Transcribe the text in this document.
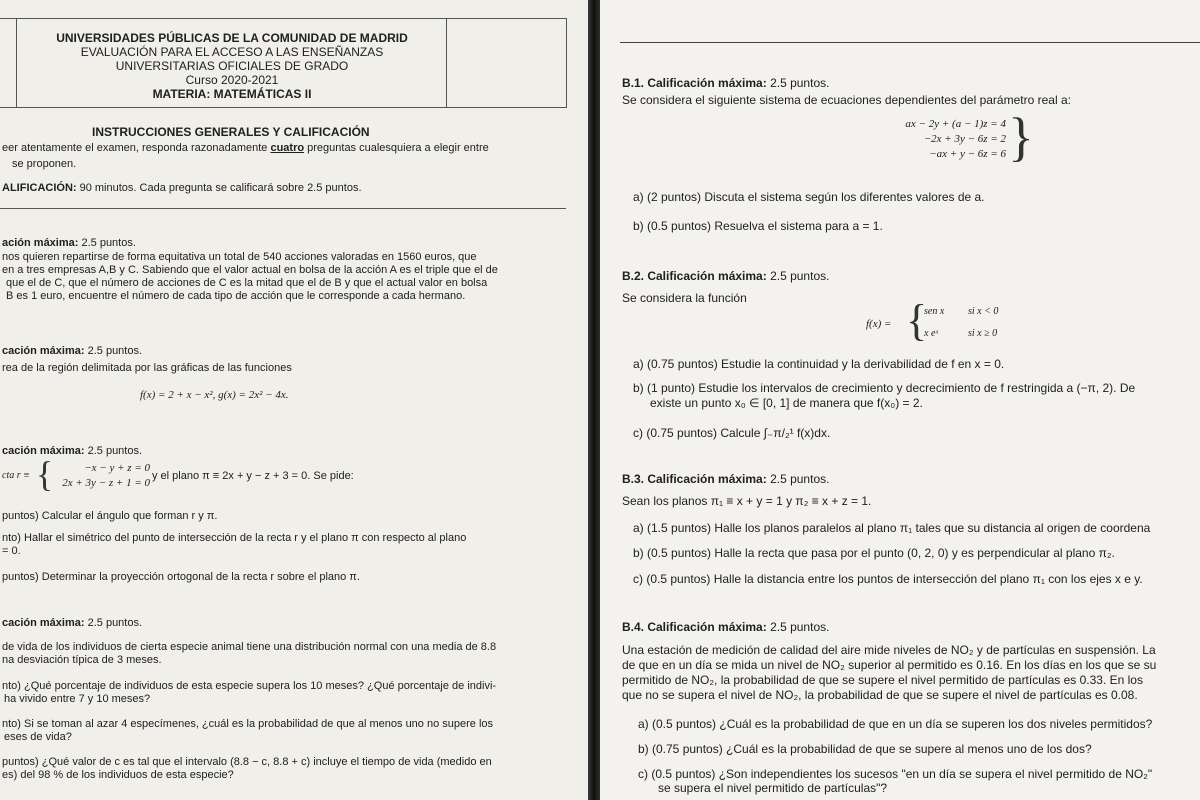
UNIVERSIDADES PÚBLICAS DE LA COMUNIDAD DE MADRID
EVALUACIÓN PARA EL ACCESO A LAS ENSEÑANZAS
UNIVERSITARIAS OFICIALES DE GRADO
Curso 2020-2021
MATERIA: MATEMÁTICAS II
INSTRUCCIONES GENERALES Y CALIFICACIÓN
eer atentamente el examen, responda razonadamente cuatro preguntas cualesquiera a elegir entre
se proponen.
ALIFICACIÓN: 90 minutos. Cada pregunta se calificará sobre 2.5 puntos.
ación máxima: 2.5 puntos.
nos quieren repartirse de forma equitativa un total de 540 acciones valoradas en 1560 euros, que
en a tres empresas A,B y C. Sabiendo que el valor actual en bolsa de la acción A es el triple que el de
que el de C, que el número de acciones de C es la mitad que el de B y que el actual valor en bolsa
B es 1 euro, encuentre el número de cada tipo de acción que le corresponde a cada hermano.
cación máxima: 2.5 puntos.
rea de la región delimitada por las gráficas de las funciones
f(x) = 2 + x − x², g(x) = 2x² − 4x.
cación máxima: 2.5 puntos.
cta r ≡ {	−x − y + z = 0
2x + 3y − z + 1 = 0
y el plano π ≡ 2x + y − z + 3 = 0. Se pide:
puntos) Calcular el ángulo que forman r y π.
nto) Hallar el simétrico del punto de intersección de la recta r y el plano π con respecto al plano
= 0.
puntos) Determinar la proyección ortogonal de la recta r sobre el plano π.
cación máxima: 2.5 puntos.
de vida de los individuos de cierta especie animal tiene una distribución normal con una media de 8.8
na desviación típica de 3 meses.
nto) ¿Qué porcentaje de individuos de esta especie supera los 10 meses? ¿Qué porcentaje de indivi-
ha vivido entre 7 y 10 meses?
nto) Si se toman al azar 4 especímenes, ¿cuál es la probabilidad de que al menos uno no supere los
eses de vida?
puntos) ¿Qué valor de c es tal que el intervalo (8.8 − c, 8.8 + c) incluye el tiempo de vida (medido en
es) del 98 % de los individuos de esta especie?
B.1. Calificación máxima: 2.5 puntos.
Se considera el siguiente sistema de ecuaciones dependientes del parámetro real a:
ax − 2y + (a − 1)z = 4
−2x + 3y − 6z = 2
−ax + y − 6z = 6 }
a) (2 puntos) Discuta el sistema según los diferentes valores de a.
b) (0.5 puntos) Resuelva el sistema para a = 1.
B.2. Calificación máxima: 2.5 puntos.
Se considera la función
f(x) = {
sen x si x < 0
x eˣ	si x ≥ 0
a) (0.75 puntos) Estudie la continuidad y la derivabilidad de f en x = 0.
b) (1 punto) Estudie los intervalos de crecimiento y decrecimiento de f restringida a (−π, 2). De
existe un punto x₀ ∈ [0, 1] de manera que f(x₀) = 2.
c) (0.75 puntos) Calcule ∫₋π/₂¹ f(x)dx.
B.3. Calificación máxima: 2.5 puntos.
Sean los planos π₁ ≡ x + y = 1 y π₂ ≡ x + z = 1.
a) (1.5 puntos) Halle los planos paralelos al plano π₁ tales que su distancia al origen de coordena
b) (0.5 puntos) Halle la recta que pasa por el punto (0, 2, 0) y es perpendicular al plano π₂.
c) (0.5 puntos) Halle la distancia entre los puntos de intersección del plano π₁ con los ejes x e y.
B.4. Calificación máxima: 2.5 puntos.
Una estación de medición de calidad del aire mide niveles de NO₂ y de partículas en suspensión. La
de que en un día se mida un nivel de NO₂ superior al permitido es 0.16. En los días en los que se su
permitido de NO₂, la probabilidad de que se supere el nivel permitido de partículas es 0.33. En los
que no se supera el nivel de NO₂, la probabilidad de que se supere el nivel de partículas es 0.08.
a) (0.5 puntos) ¿Cuál es la probabilidad de que en un día se superen los dos niveles permitidos?
b) (0.75 puntos) ¿Cuál es la probabilidad de que se supere al menos uno de los dos?
c) (0.5 puntos) ¿Son independientes los sucesos "en un día se supera el nivel permitido de NO₂"
se supera el nivel permitido de partículas"?
